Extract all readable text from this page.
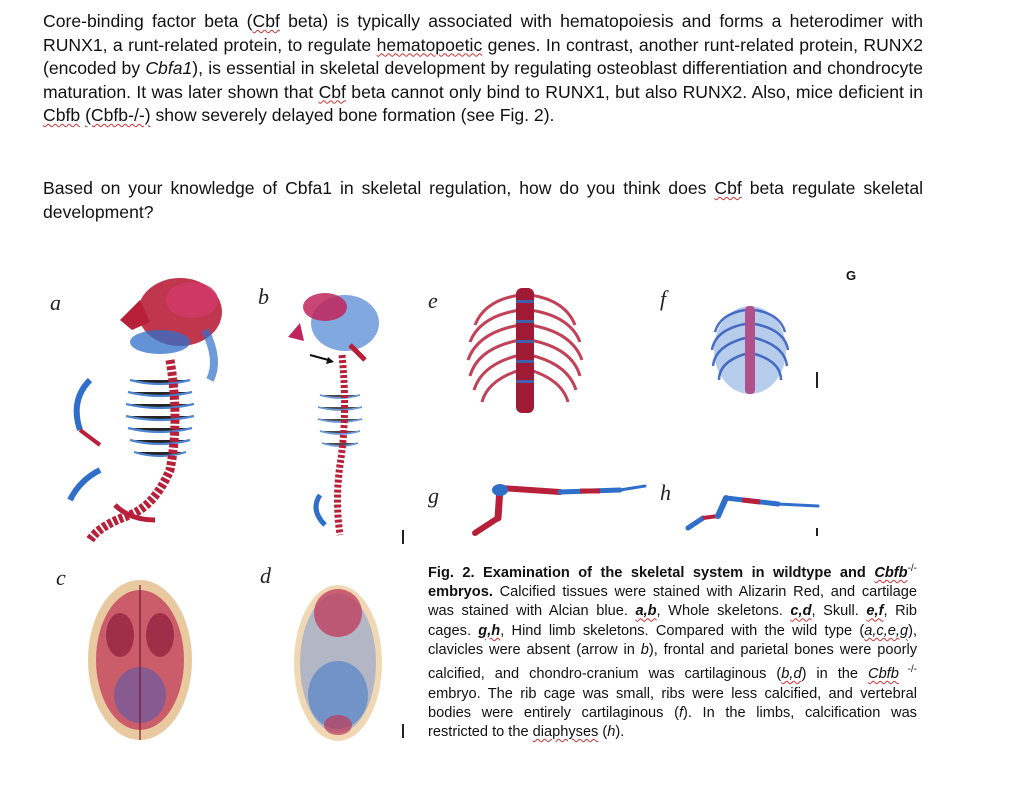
Core-binding factor beta (Cbf beta) is typically associated with hematopoiesis and forms a heterodimer with RUNX1, a runt-related protein, to regulate hematopoetic genes. In contrast, another runt-related protein, RUNX2 (encoded by Cbfa1), is essential in skeletal development by regulating osteoblast differentiation and chondrocyte maturation. It was later shown that Cbf beta cannot only bind to RUNX1, but also RUNX2. Also, mice deficient in Cbfb (Cbfb-/-) show severely delayed bone formation (see Fig. 2).
Based on your knowledge of Cbfa1 in skeletal regulation, how do you think does Cbf beta regulate skeletal development?
a	b
c	d
e	f
g	h
G
Fig. 2. Examination of the skeletal system in wildtype and Cbfb-/- embryos. Calcified tissues were stained with Alizarin Red, and cartilage was stained with Alcian blue. a,b, Whole skeletons. c,d, Skull. e,f, Rib cages. g,h, Hind limb skeletons. Compared with the wild type (a,c,e,g), clavicles were absent (arrow in b), frontal and parietal bones were poorly calcified, and chondro-cranium was cartilaginous (b,d) in the Cbfb -/- embryo. The rib cage was small, ribs were less calcified, and vertebral bodies were entirely cartilaginous (f). In the limbs, calcification was restricted to the diaphyses (h).
